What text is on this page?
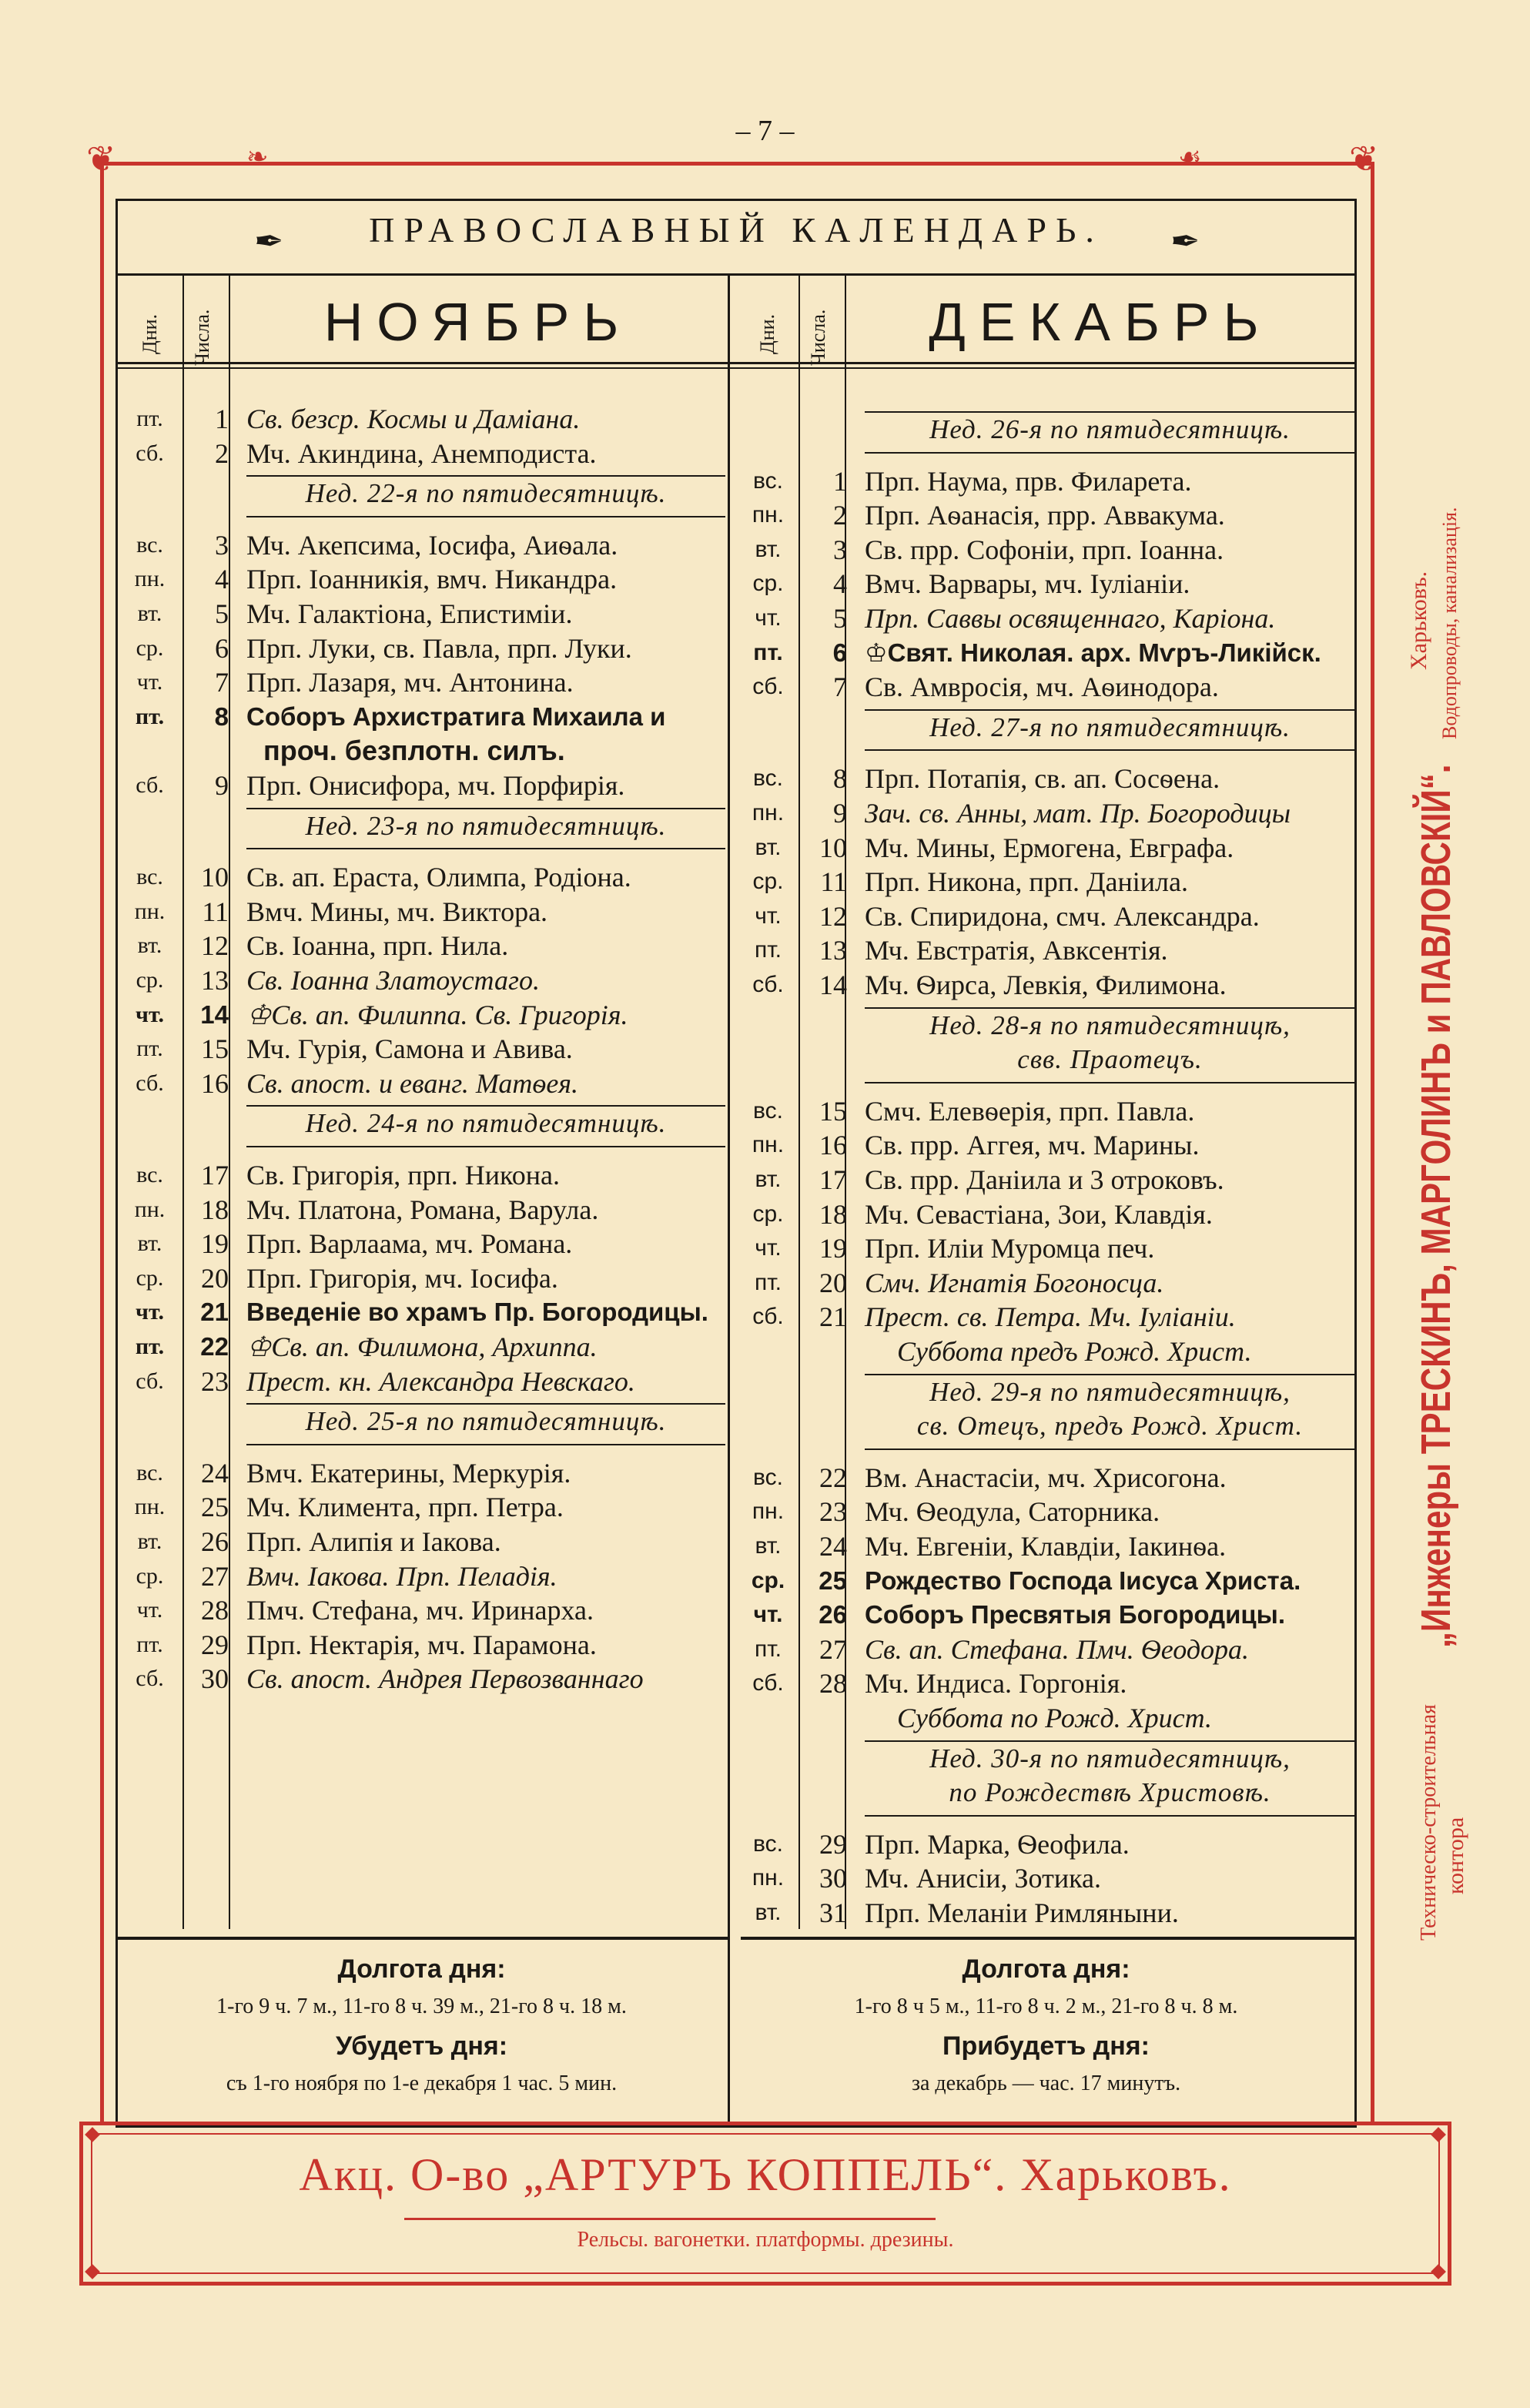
– 7 –
❦	❦
❧	☙
✒	ПРАВОСЛАВНЫЙ КАЛЕНДАРЬ.	✒
Дни. Числа.	Дни. Числа.
НОЯБРЬ	ДЕКАБРЬ
пт.	1 Св. безср. Космы и Даміана.
сб.	2 Мч. Акиндина, Анемподиста.
Нед. 22-я по пятидесятницѣ.
вс.	3 Мч. Акепсима, Іосифа, Аиѳала.
пн.	4 Прп. Іоанникія, вмч. Никандра.
вт.	5 Мч. Галактіона, Епистиміи.
ср.	6 Прп. Луки, св. Павла, прп. Луки.
чт.	7 Прп. Лазаря, мч. Антонина.
пт.	8 Соборъ Архистратига Михаила и
проч. безплотн. силъ.
сб.	9 Прп. Онисифора, мч. Порфирія.
Нед. 23-я по пятидесятницѣ.
вс.	10 Св. ап. Ераста, Олимпа, Родіона.
пн.	11 Вмч. Мины, мч. Виктора.
вт.	12 Св. Іоанна, прп. Нила.
ср.	13 Св. Іоанна Златоустаго.
чт.	14 ♔Св. ап. Филиппа. Св. Григорія.
пт.	15 Мч. Гурія, Самона и Авива.
сб.	16 Св. апост. и еванг. Матѳея.
Нед. 24-я по пятидесятницѣ.
вс.	17 Св. Григорія, прп. Никона.
пн.	18 Мч. Платона, Романа, Варула.
вт.	19 Прп. Варлаама, мч. Романа.
ср.	20 Прп. Григорія, мч. Іосифа.
чт.	21 Введеніе во храмъ Пр. Богородицы.
пт.	22 ♔Св. ап. Филимона, Архиппа.
сб.	23 Прест. кн. Александра Невскаго.
Нед. 25-я по пятидесятницѣ.
вс.	24 Вмч. Екатерины, Меркурія.
пн.	25 Мч. Климента, прп. Петра.
вт.	26 Прп. Алипія и Іакова.
ср.	27 Вмч. Іакова. Прп. Пеладія.
чт.	28 Пмч. Стефана, мч. Иринарха.
пт.	29 Прп. Нектарія, мч. Парамона.
сб.	30 Св. апост. Андрея Первозваннаго
Нед. 26-я по пятидесятницѣ.
вс.	1 Прп. Наума, прв. Филарета.
пн.	2 Прп. Аѳанасія, прр. Аввакума.
вт.	3 Св. прр. Софоніи, прп. Іоанна.
ср.	4 Вмч. Варвары, мч. Іуліаніи.
чт.	5 Прп. Саввы освященнаго, Каріона.
пт.	6 ♔Свят. Николая. арх. Мѵръ-Ликійск.
сб.	7 Св. Амвросія, мч. Аѳинодора.
Нед. 27-я по пятидесятницѣ.
вс.	8 Прп. Потапія, св. ап. Сосѳена.
пн.	9 Зач. св. Анны, мат. Пр. Богородицы
вт.	10 Мч. Мины, Ермогена, Евграфа.
ср.	11 Прп. Никона, прп. Даніила.
чт.	12 Св. Спиридона, смч. Александра.
пт.	13 Мч. Евстратія, Авксентія.
сб.	14 Мч. Ѳирса, Левкія, Филимона.
Нед. 28-я по пятидесятницѣ,
свв. Праотецъ.
вс.	15 Смч. Елевѳерія, прп. Павла.
пн.	16 Св. прр. Аггея, мч. Марины.
вт.	17 Св. прр. Даніила и 3 отроковъ.
ср.	18 Мч. Севастіана, Зои, Клавдія.
чт.	19 Прп. Иліи Муромца печ.
пт.	20 Смч. Игнатія Богоносца.
сб.	21 Прест. св. Петра. Мч. Іуліаніи.
Суббота предъ Рожд. Христ.
Нед. 29-я по пятидесятницѣ,
св. Отецъ, предъ Рожд. Христ.
вс.	22 Вм. Анастасіи, мч. Хрисогона.
пн.	23 Мч. Ѳеодула, Саторника.
вт.	24 Мч. Евгеніи, Клавдіи, Іакинѳа.
ср.	25 Рождество Господа Іисуса Христа.
чт.	26 Соборъ Пресвятыя Богородицы.
пт.	27 Св. ап. Стефана. Пмч. Ѳеодора.
сб.	28 Мч. Индиса. Горгонія.
Суббота по Рожд. Христ.
Нед. 30-я по пятидесятницѣ,
по Рождествѣ Христовѣ.
вс.	29 Прп. Марка, Ѳеофила.
пн.	30 Мч. Анисіи, Зотика.
вт.	31 Прп. Меланіи Римляныни.
Долгота дня:
1-го 9 ч. 7 м., 11-го 8 ч. 39 м., 21-го 8 ч. 18 м.
Убудетъ дня:
съ 1-го ноября по 1-е декабря 1 час. 5 мин.
Долгота дня:
1-го 8 ч 5 м., 11-го 8 ч. 2 м., 21-го 8 ч. 8 м.
Прибудетъ дня:
за декабрь — час. 17 минутъ.
Техническо-строительная контора
„Инженеры ТРЕСКИНЪ, МАРГОЛИНЪ и ПАВЛОВСКІЙ“.
Харьковъ. Водопроводы, канализація.
Акц. О-во „АРТУРЪ КОППЕЛЬ“. Харьковъ.
Рельсы. вагонетки. платформы. дрезины.
